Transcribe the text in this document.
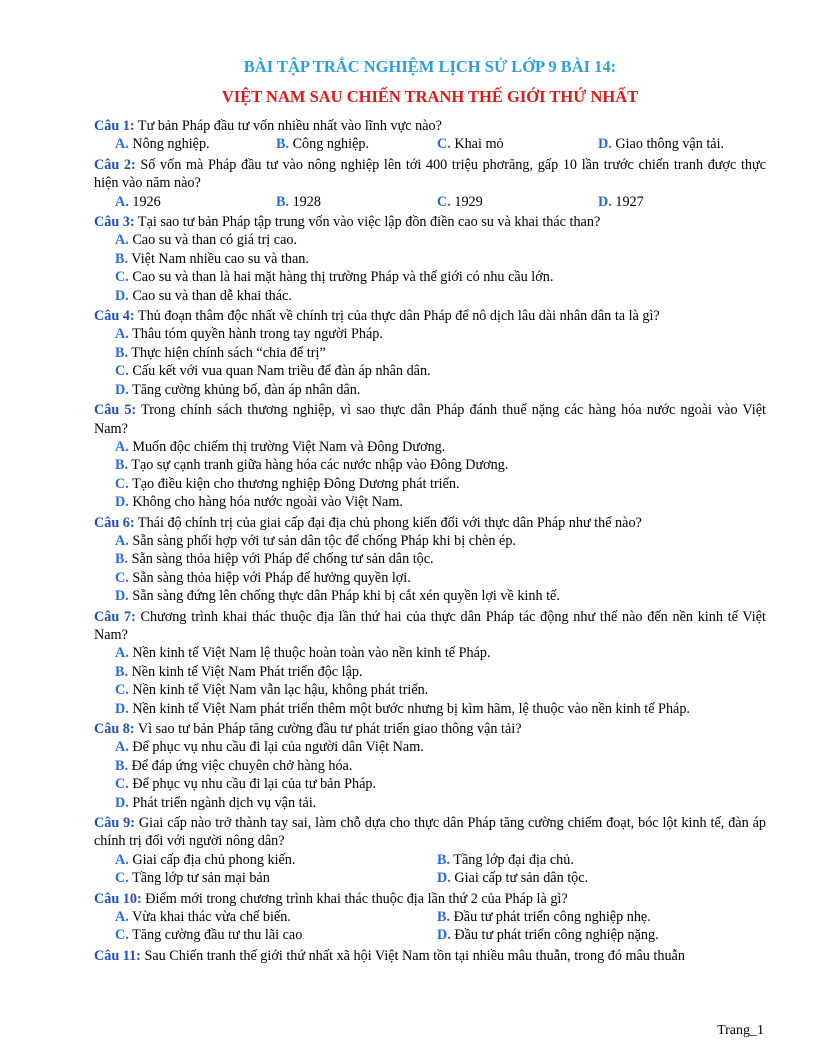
BÀI TẬP TRẮC NGHIỆM LỊCH SỬ LỚP 9 BÀI 14:
VIỆT NAM SAU CHIẾN TRANH THẾ GIỚI THỨ NHẤT
Câu 1: Tư bản Pháp đầu tư vốn nhiều nhất vào lĩnh vực nào?
A. Nông nghiệp.	B. Công nghiệp.	C. Khai mỏ	D. Giao thông vận tải.
Câu 2: Số vốn mà Pháp đầu tư vào nông nghiệp lên tới 400 triệu phơrăng, gấp 10 lần trước chiến tranh được thực hiện vào năm nào?
A. 1926	B. 1928	C. 1929	D. 1927
Câu 3: Tại sao tư bản Pháp tập trung vốn vào việc lập đồn điền cao su và khai thác than?
A. Cao su và than có giá trị cao.
B. Việt Nam nhiều cao su và than.
C. Cao su và than là hai mặt hàng thị trường Pháp và thế giới có nhu cầu lớn.
D. Cao su và than dễ khai thác.
Câu 4: Thủ đoạn thâm độc nhất về chính trị của thực dân Pháp để nô dịch lâu dài nhân dân ta là gì?
A. Thâu tóm quyền hành trong tay người Pháp.
B. Thực hiện chính sách “chia để trị”
C. Cấu kết với vua quan Nam triều để đàn áp nhân dân.
D. Tăng cường khủng bố, đàn áp nhân dân.
Câu 5: Trong chính sách thương nghiệp, vì sao thực dân Pháp đánh thuế nặng các hàng hóa nước ngoài vào Việt Nam?
A. Muốn độc chiếm thị trường Việt Nam và Đông Dương.
B. Tạo sự cạnh tranh giữa hàng hóa các nước nhập vào Đông Dương.
C. Tạo điều kiện cho thương nghiệp Đông Dương phát triển.
D. Không cho hàng hóa nước ngoài vào Việt Nam.
Câu 6: Thái độ chính trị của giai cấp đại địa chủ phong kiến đối với thực dân Pháp như thế nào?
A. Sẵn sàng phối hợp với tư sản dân tộc để chống Pháp khi bị chèn ép.
B. Sẵn sàng thỏa hiệp với Pháp để chống tư sản dân tộc.
C. Sẵn sàng thỏa hiệp với Pháp để hưởng quyền lợi.
D. Sẵn sàng đứng lên chống thực dân Pháp khi bị cắt xén quyền lợi về kinh tế.
Câu 7: Chương trình khai thác thuộc địa lần thứ hai của thực dân Pháp tác động như thế nào đến nền kinh tế Việt Nam?
A. Nền kinh tế Việt Nam lệ thuộc hoàn toàn vào nền kinh tế Pháp.
B. Nền kinh tế Việt Nam Phát triển độc lập.
C. Nền kinh tế Việt Nam vẫn lạc hậu, không phát triển.
D. Nền kinh tế Việt Nam phát triển thêm một bước nhưng bị kìm hãm, lệ thuộc vào nền kinh tế Pháp.
Câu 8: Vì sao tư bản Pháp tăng cường đầu tư phát triển giao thông vận tải?
A. Để phục vụ nhu cầu đi lại của người dân Việt Nam.
B. Để đáp ứng việc chuyên chở hàng hóa.
C. Để phục vụ nhu cầu đi lại của tư bản Pháp.
D. Phát triển ngành dịch vụ vận tải.
Câu 9: Giai cấp nào trở thành tay sai, làm chỗ dựa cho thực dân Pháp tăng cường chiếm đoạt, bóc lột kinh tế, đàn áp chính trị đối với người nông dân?
A. Giai cấp địa chủ phong kiến.	B. Tầng lớp đại địa chủ.
C. Tầng lớp tư sản mại bản	D. Giai cấp tư sản dân tộc.
Câu 10: Điểm mới trong chương trình khai thác thuộc địa lần thứ 2 của Pháp là gì?
A. Vừa khai thác vừa chế biến.	B. Đầu tư phát triển công nghiệp nhẹ.
C. Tăng cường đầu tư thu lãi cao	D. Đầu tư phát triển công nghiệp nặng.
Câu 11: Sau Chiến tranh thế giới thứ nhất xã hội Việt Nam tồn tại nhiều mâu thuẫn, trong đó mâu thuẫn
Trang_1
